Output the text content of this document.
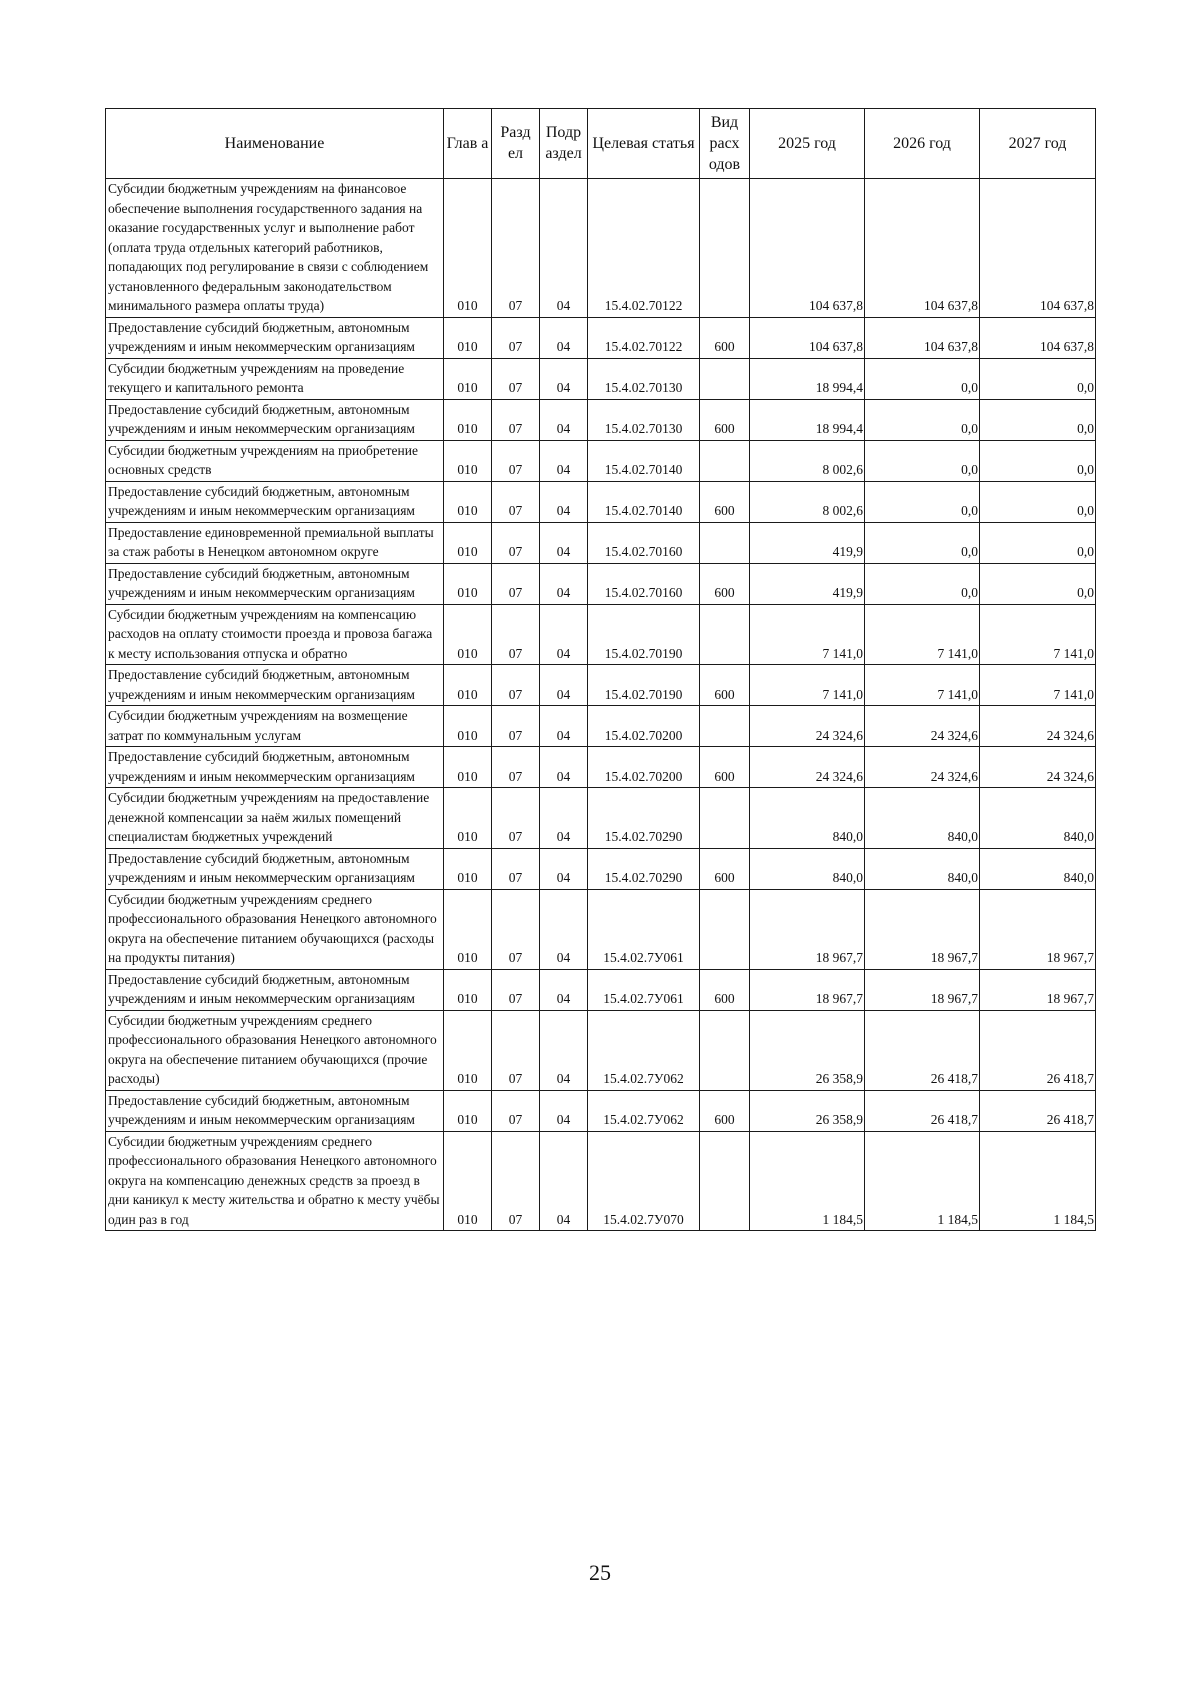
Наименование	Глав а	Разд ел	Подр аздел	Целевая статья	Вид расх одов	2025 год	2026 год	2027 год
Субсидии бюджетным учреждениям на финансовое обеспечение выполнения государственного задания на оказание государственных услуг и выполнение работ (оплата труда отдельных категорий работников, попадающих под регулирование в связи с соблюдением установленного федеральным законодательством минимального размера оплаты труда)	010	07	04	15.4.02.70122		104 637,8	104 637,8	104 637,8
Предоставление субсидий бюджетным, автономным учреждениям и иным некоммерческим организациям	010	07	04	15.4.02.70122	600	104 637,8	104 637,8	104 637,8
Субсидии бюджетным учреждениям на проведение текущего и капитального ремонта	010	07	04	15.4.02.70130		18 994,4	0,0	0,0
Предоставление субсидий бюджетным, автономным учреждениям и иным некоммерческим организациям	010	07	04	15.4.02.70130	600	18 994,4	0,0	0,0
Субсидии бюджетным учреждениям на приобретение основных средств	010	07	04	15.4.02.70140		8 002,6	0,0	0,0
Предоставление субсидий бюджетным, автономным учреждениям и иным некоммерческим организациям	010	07	04	15.4.02.70140	600	8 002,6	0,0	0,0
Предоставление единовременной премиальной выплаты за стаж работы в Ненецком автономном округе	010	07	04	15.4.02.70160		419,9	0,0	0,0
Предоставление субсидий бюджетным, автономным учреждениям и иным некоммерческим организациям	010	07	04	15.4.02.70160	600	419,9	0,0	0,0
Субсидии бюджетным учреждениям на компенсацию расходов на оплату стоимости проезда и провоза багажа к месту использования отпуска и обратно	010	07	04	15.4.02.70190		7 141,0	7 141,0	7 141,0
Предоставление субсидий бюджетным, автономным учреждениям и иным некоммерческим организациям	010	07	04	15.4.02.70190	600	7 141,0	7 141,0	7 141,0
Субсидии бюджетным учреждениям на возмещение затрат по коммунальным услугам	010	07	04	15.4.02.70200		24 324,6	24 324,6	24 324,6
Предоставление субсидий бюджетным, автономным учреждениям и иным некоммерческим организациям	010	07	04	15.4.02.70200	600	24 324,6	24 324,6	24 324,6
Субсидии бюджетным учреждениям на предоставление денежной компенсации за наём жилых помещений специалистам бюджетных учреждений	010	07	04	15.4.02.70290		840,0	840,0	840,0
Предоставление субсидий бюджетным, автономным учреждениям и иным некоммерческим организациям	010	07	04	15.4.02.70290	600	840,0	840,0	840,0
Субсидии бюджетным учреждениям среднего профессионального образования Ненецкого автономного округа на обеспечение питанием обучающихся (расходы на продукты питания)	010	07	04	15.4.02.7У061		18 967,7	18 967,7	18 967,7
Предоставление субсидий бюджетным, автономным учреждениям и иным некоммерческим организациям	010	07	04	15.4.02.7У061	600	18 967,7	18 967,7	18 967,7
Субсидии бюджетным учреждениям среднего профессионального образования Ненецкого автономного округа на обеспечение питанием обучающихся (прочие расходы)	010	07	04	15.4.02.7У062		26 358,9	26 418,7	26 418,7
Предоставление субсидий бюджетным, автономным учреждениям и иным некоммерческим организациям	010	07	04	15.4.02.7У062	600	26 358,9	26 418,7	26 418,7
Субсидии бюджетным учреждениям среднего профессионального образования Ненецкого автономного округа на компенсацию денежных средств за проезд в дни каникул к месту жительства и обратно к месту учёбы один раз в год	010	07	04	15.4.02.7У070		1 184,5	1 184,5	1 184,5
25
